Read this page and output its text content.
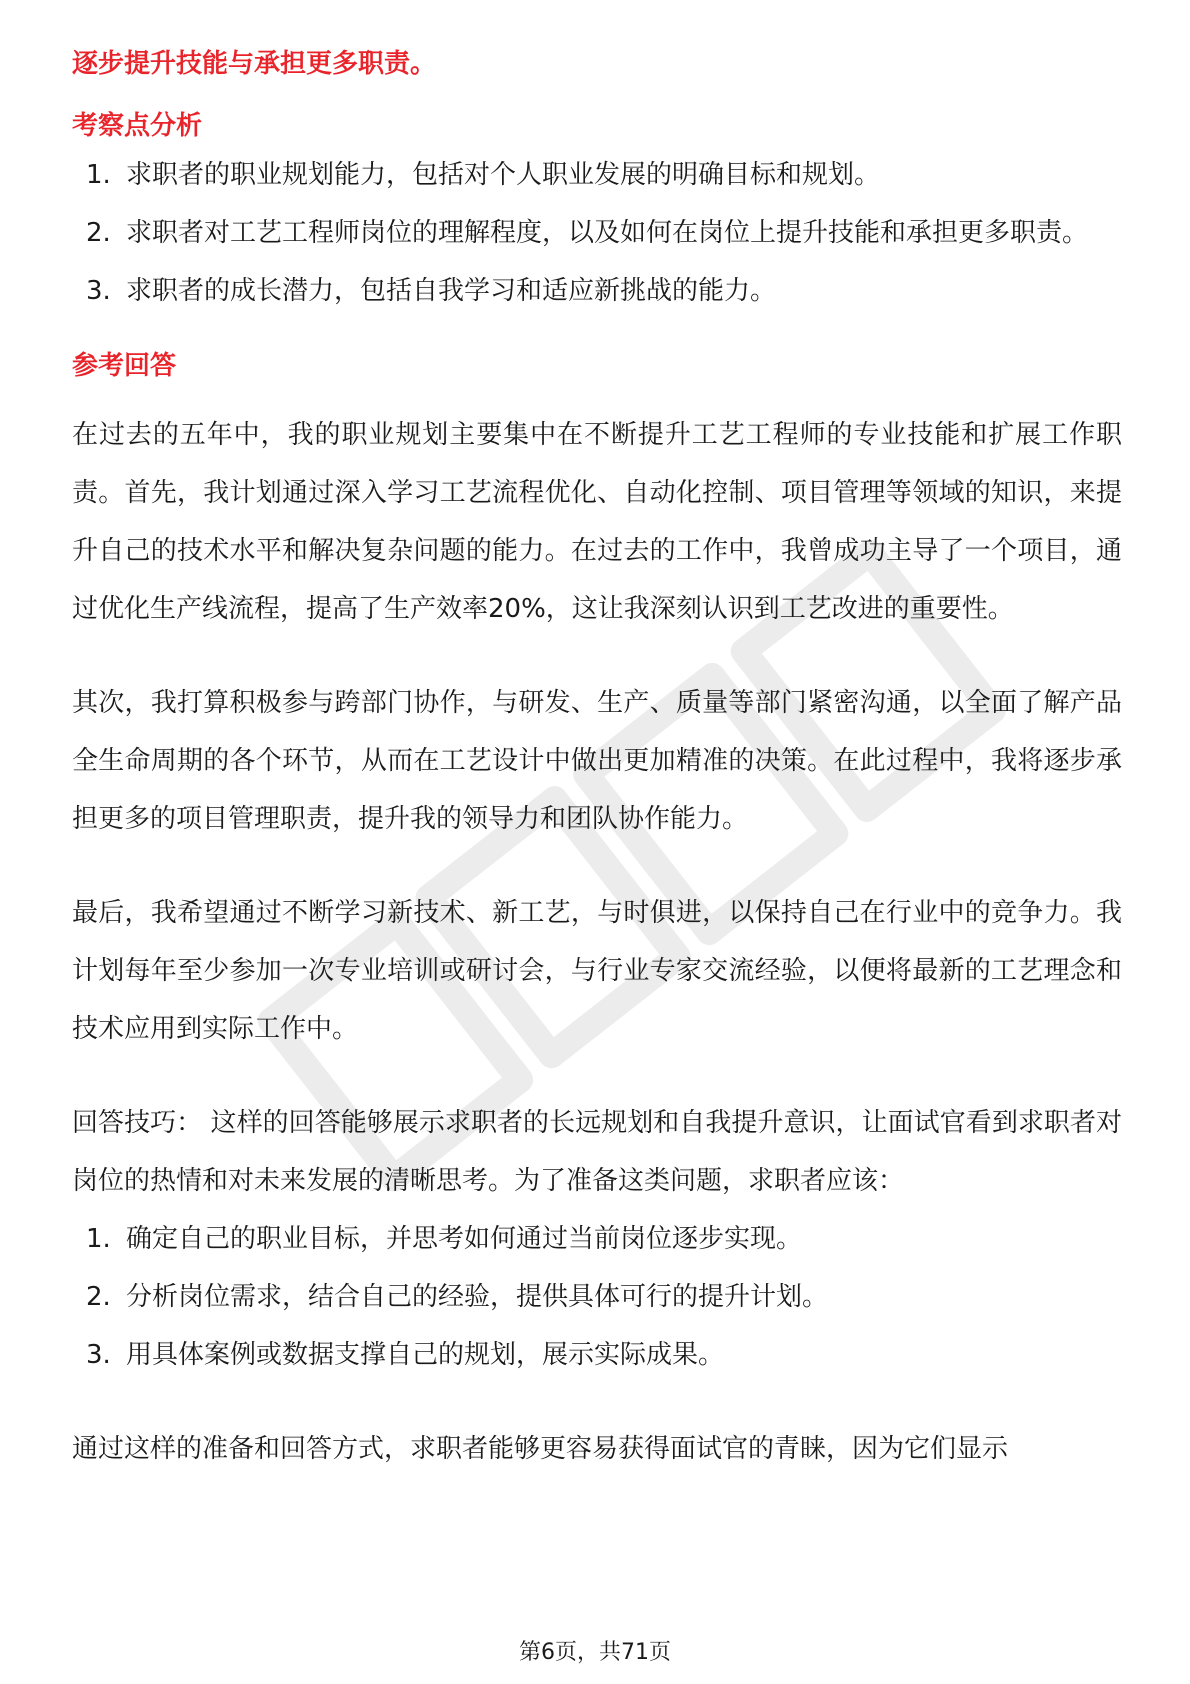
职场密码

逐步提升技能与承担更多职责。

考察点分析
1. 求职者的职业规划能力，包括对个人职业发展的明确目标和规划。
2. 求职者对工艺工程师岗位的理解程度，以及如何在岗位上提升技能和承担更多职责。
3. 求职者的成长潜力，包括自我学习和适应新挑战的能力。
参考回答

在过去的五年中，我的职业规划主要集中在不断提升工艺工程师的专业技能和扩展工作职责。首先，我计划通过深入学习工艺流程优化、自动化控制、项目管理等领域的知识，来提升自己的技术水平和解决复杂问题的能力。在过去的工作中，我曾成功主导了一个项目，通过优化生产线流程，提高了生产效率20%，这让我深刻认识到工艺改进的重要性。

其次，我打算积极参与跨部门协作，与研发、生产、质量等部门紧密沟通，以全面了解产品全生命周期的各个环节，从而在工艺设计中做出更加精准的决策。在此过程中，我将逐步承担更多的项目管理职责，提升我的领导力和团队协作能力。

最后，我希望通过不断学习新技术、新工艺，与时俱进，以保持自己在行业中的竞争力。我计划每年至少参加一次专业培训或研讨会，与行业专家交流经验，以便将最新的工艺理念和技术应用到实际工作中。

回答技巧： 这样的回答能够展示求职者的长远规划和自我提升意识，让面试官看到求职者对岗位的热情和对未来发展的清晰思考。为了准备这类问题，求职者应该：

1. 确定自己的职业目标，并思考如何通过当前岗位逐步实现。
2. 分析岗位需求，结合自己的经验，提供具体可行的提升计划。
3. 用具体案例或数据支撑自己的规划，展示实际成果。

通过这样的准备和回答方式，求职者能够更容易获得面试官的青睐，因为它们显示

第6页，共71页
